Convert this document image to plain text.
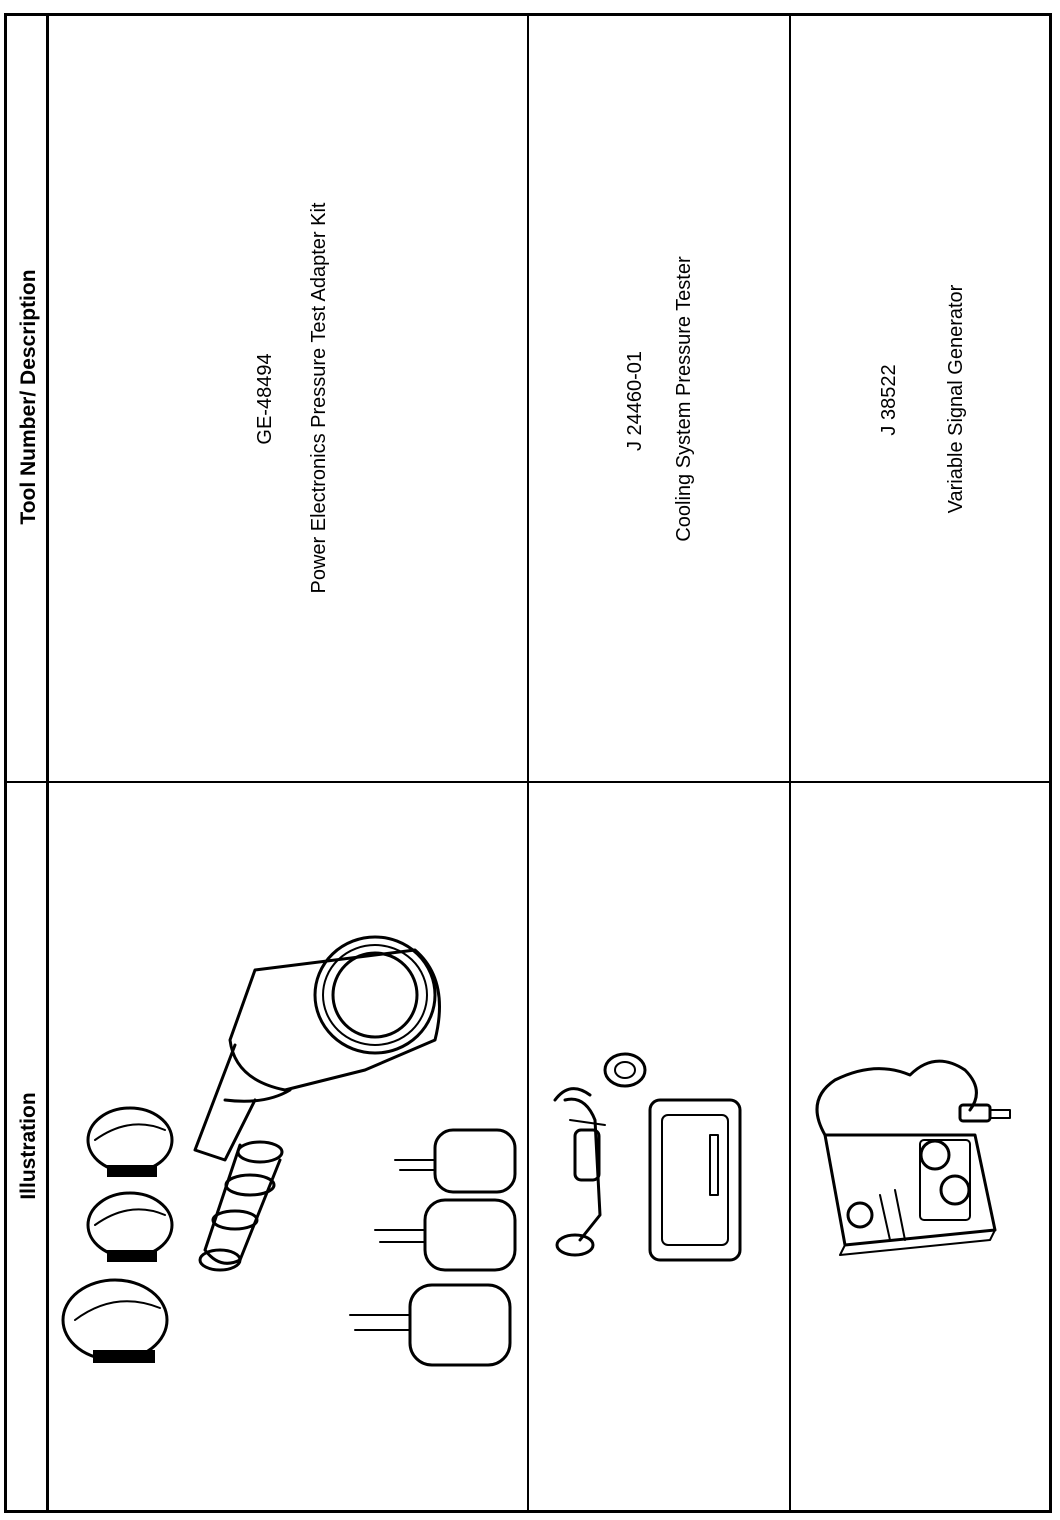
Tool Number/ Description
Illustration
GE-48494 Power Electronics Pressure Test Adapter Kit	J 24460-01 Cooling System Pressure Tester	J 38522 Variable Signal Generator
